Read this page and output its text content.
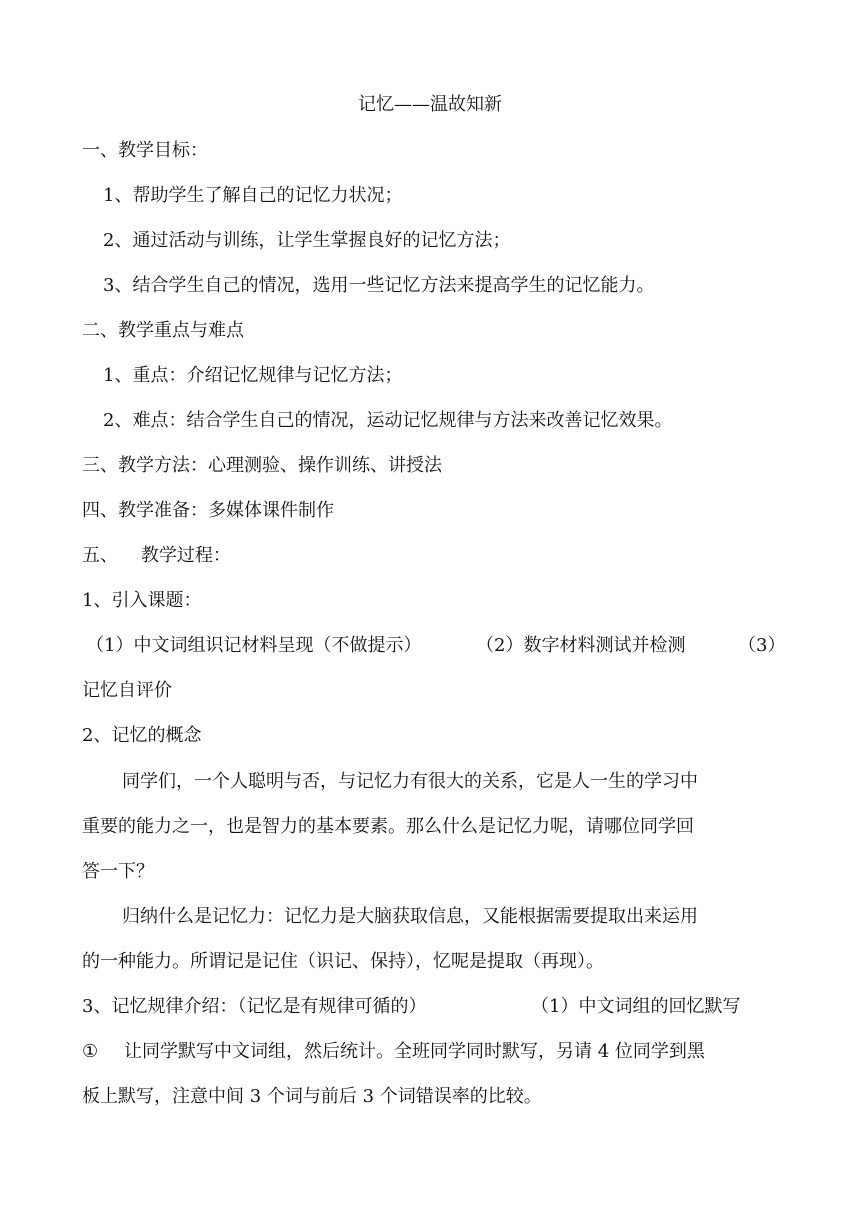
记忆——温故知新
一、教学目标：
1、帮助学生了解自己的记忆力状况；
2、通过活动与训练，让学生掌握良好的记忆方法；
3、结合学生自己的情况，选用一些记忆方法来提高学生的记忆能力。
二、教学重点与难点
1、重点：介绍记忆规律与记忆方法；
2、难点：结合学生自己的情况，运动记忆规律与方法来改善记忆效果。
三、教学方法：心理测验、操作训练、讲授法
四、教学准备：多媒体课件制作
五、    教学过程：
1、引入课题：
（1）中文词组识记材料呈现（不做提示）	（2）数字材料测试并检测	（3）
记忆自评价
2、记忆的概念
同学们，一个人聪明与否，与记忆力有很大的关系，它是人一生的学习中
重要的能力之一，也是智力的基本要素。那么什么是记忆力呢，请哪位同学回
答一下？
归纳什么是记忆力：记忆力是大脑获取信息，又能根据需要提取出来运用
的一种能力。所谓记是记住（识记、保持），忆呢是提取（再现）。
3、记忆规律介绍：（记忆是有规律可循的）	（1）中文词组的回忆默写
① 让同学默写中文词组，然后统计。全班同学同时默写，另请 4 位同学到黑
板上默写，注意中间 3 个词与前后 3 个词错误率的比较。
